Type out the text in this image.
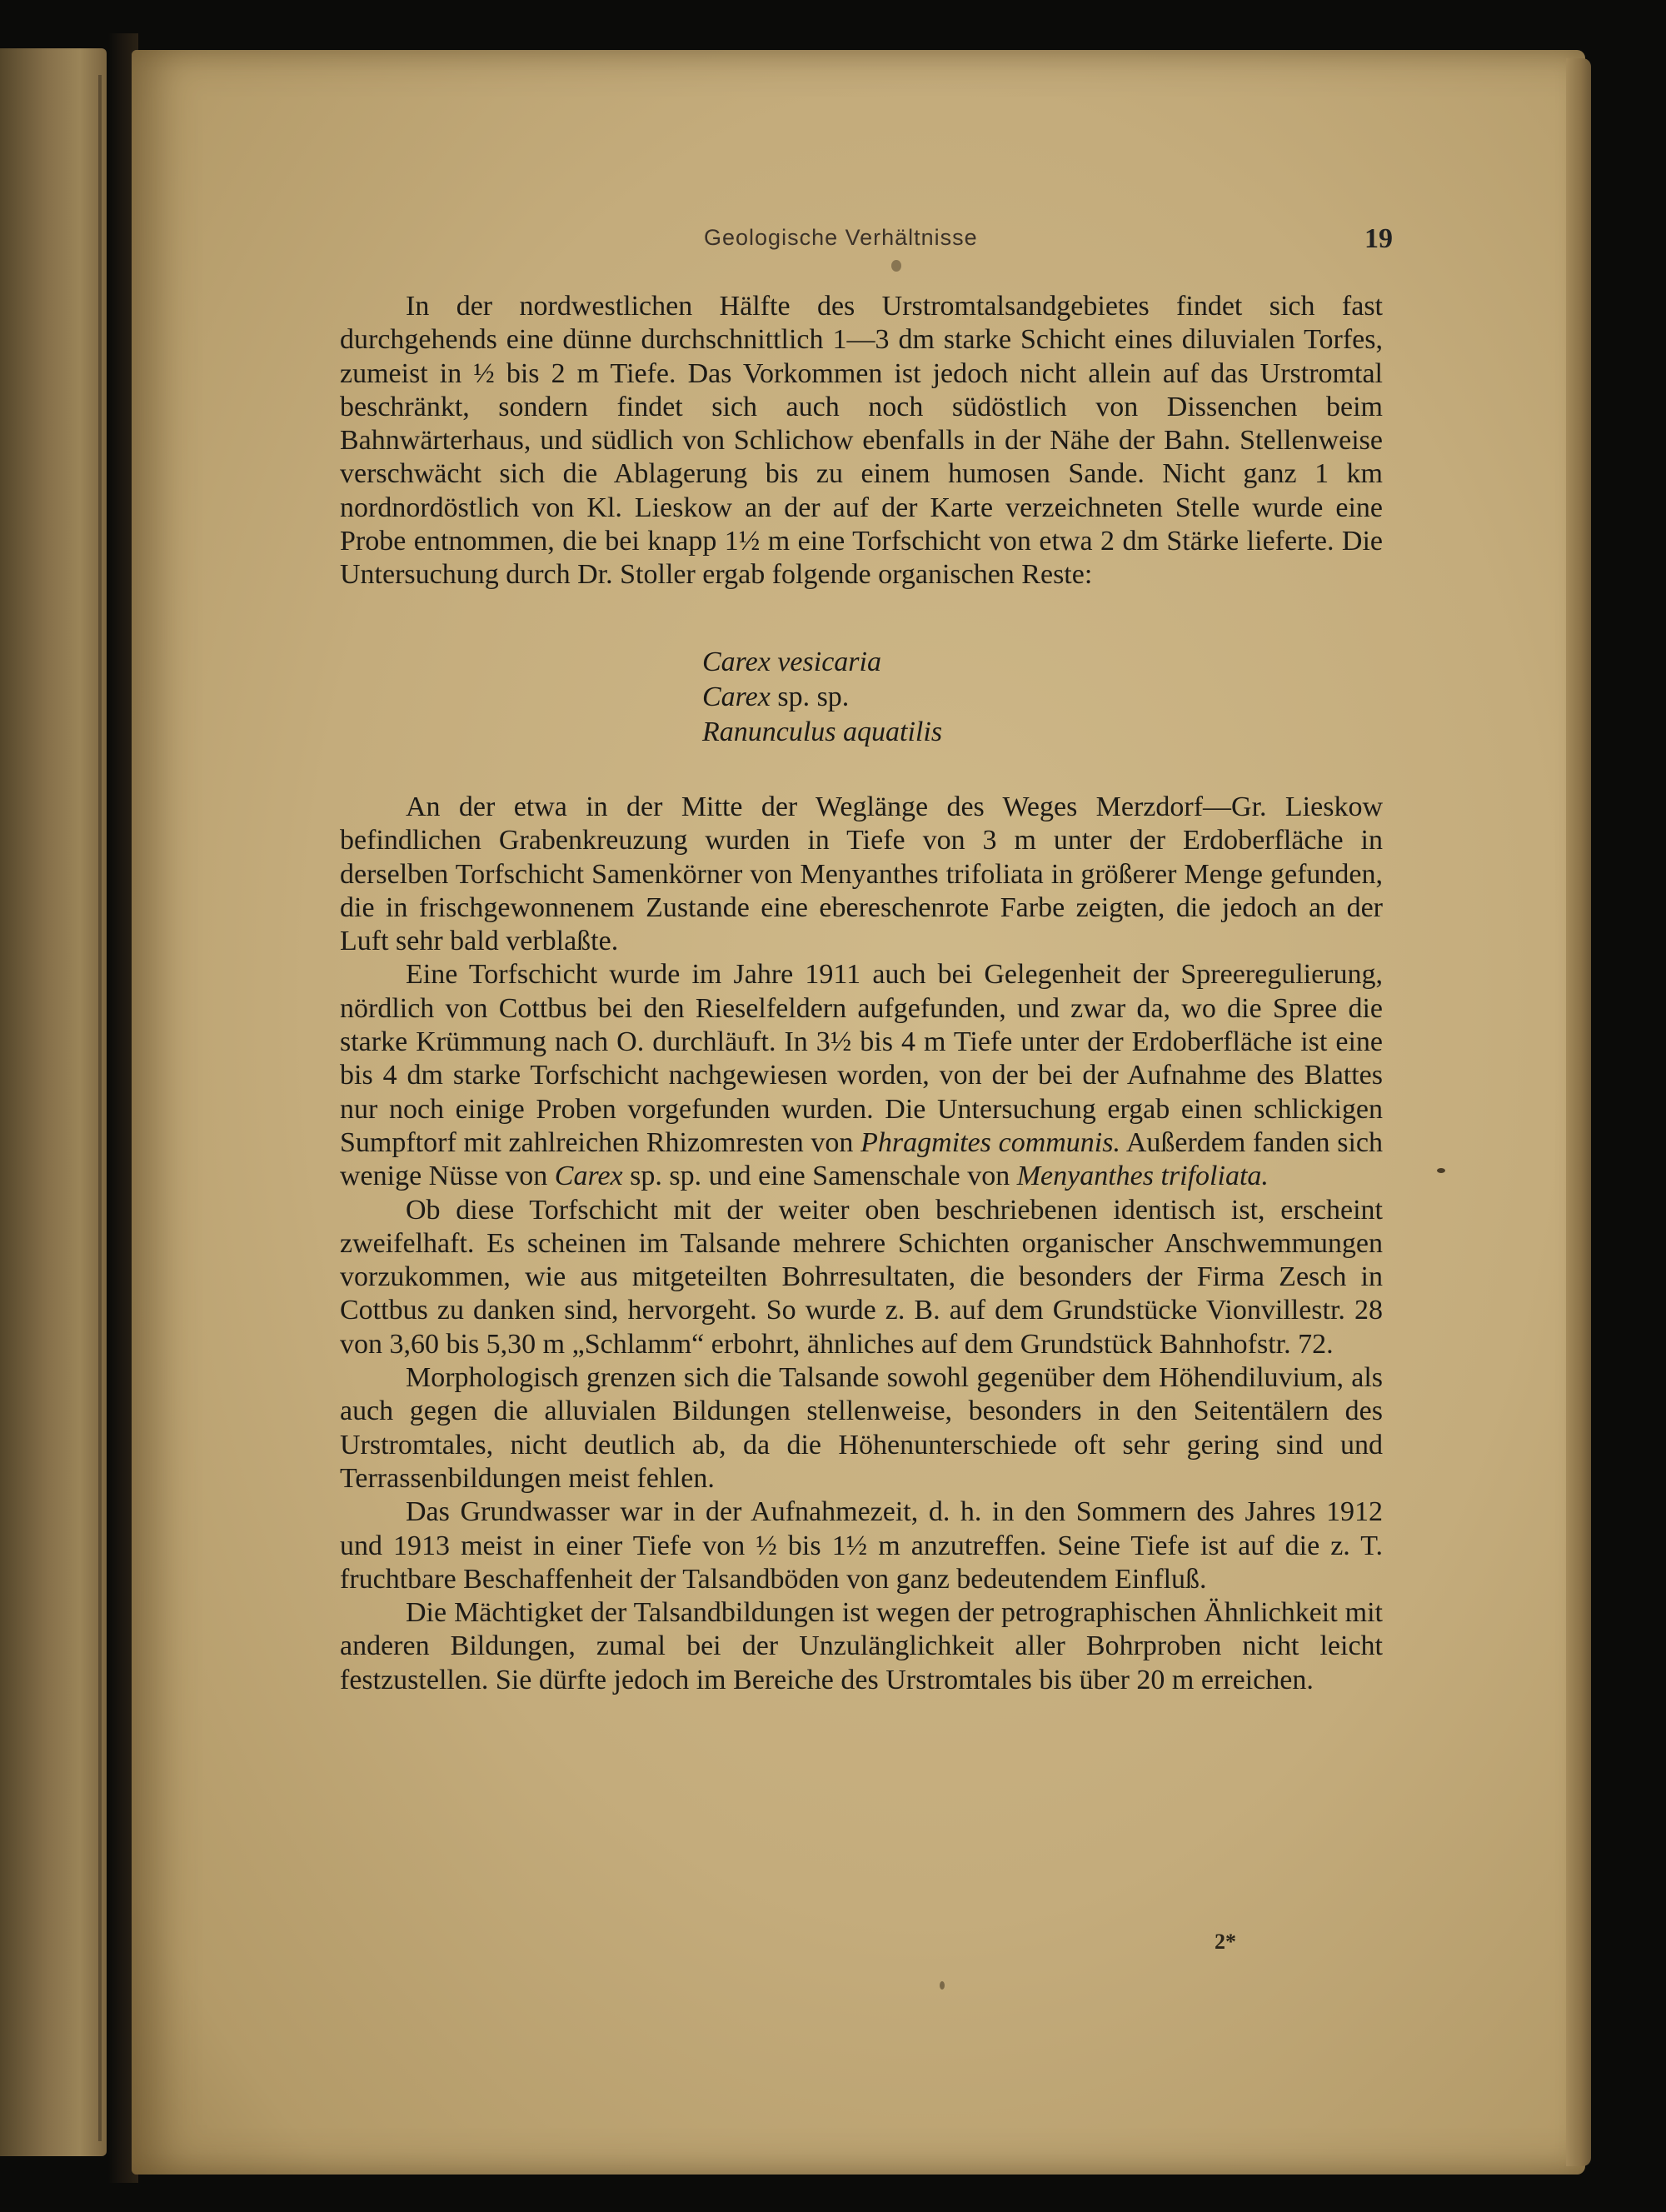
Geologische Verhältnisse	19

In der nordwestlichen Hälfte des Urstromtalsandgebietes findet sich fast durchgehends eine dünne durchschnittlich 1—3 dm starke Schicht eines diluvialen Torfes, zumeist in ½ bis 2 m Tiefe. Das Vorkommen ist jedoch nicht allein auf das Urstromtal beschränkt, sondern findet sich auch noch südöstlich von Dissenchen beim Bahnwärterhaus, und südlich von Schlichow ebenfalls in der Nähe der Bahn. Stellenweise verschwächt sich die Ablagerung bis zu einem humosen Sande. Nicht ganz 1 km nordnordöstlich von Kl. Lieskow an der auf der Karte verzeichneten Stelle wurde eine Probe entnommen, die bei knapp 1½ m eine Torfschicht von etwa 2 dm Stärke lieferte. Die Untersuchung durch Dr. Stoller ergab folgende organischen Reste:

Carex vesicaria
Carex sp. sp.
Ranunculus aquatilis

An der etwa in der Mitte der Weglänge des Weges Merzdorf—Gr. Lieskow befindlichen Grabenkreuzung wurden in Tiefe von 3 m unter der Erdoberfläche in derselben Torfschicht Samenkörner von Menyanthes trifoliata in größerer Menge gefunden, die in frischgewonnenem Zustande eine ebereschenrote Farbe zeigten, die jedoch an der Luft sehr bald verblaßte.

Eine Torfschicht wurde im Jahre 1911 auch bei Gelegenheit der Spreeregulierung, nördlich von Cottbus bei den Rieselfeldern aufgefunden, und zwar da, wo die Spree die starke Krümmung nach O. durchläuft. In 3½ bis 4 m Tiefe unter der Erdoberfläche ist eine bis 4 dm starke Torfschicht nachgewiesen worden, von der bei der Aufnahme des Blattes nur noch einige Proben vorgefunden wurden. Die Untersuchung ergab einen schlickigen Sumpftorf mit zahlreichen Rhizomresten von Phragmites communis. Außerdem fanden sich wenige Nüsse von Carex sp. sp. und eine Samenschale von Menyanthes trifoliata.

Ob diese Torfschicht mit der weiter oben beschriebenen identisch ist, erscheint zweifelhaft. Es scheinen im Talsande mehrere Schichten organischer Anschwemmungen vorzukommen, wie aus mitgeteilten Bohrresultaten, die besonders der Firma Zesch in Cottbus zu danken sind, hervorgeht. So wurde z. B. auf dem Grundstücke Vionvillestr. 28 von 3,60 bis 5,30 m „Schlamm“ erbohrt, ähnliches auf dem Grundstück Bahnhofstr. 72.

Morphologisch grenzen sich die Talsande sowohl gegenüber dem Höhendiluvium, als auch gegen die alluvialen Bildungen stellenweise, besonders in den Seitentälern des Urstromtales, nicht deutlich ab, da die Höhenunterschiede oft sehr gering sind und Terrassenbildungen meist fehlen.

Das Grundwasser war in der Aufnahmezeit, d. h. in den Sommern des Jahres 1912 und 1913 meist in einer Tiefe von ½ bis 1½ m anzutreffen. Seine Tiefe ist auf die z. T. fruchtbare Beschaffenheit der Talsandböden von ganz bedeutendem Einfluß.

Die Mächtigket der Talsandbildungen ist wegen der petrographischen Ähnlichkeit mit anderen Bildungen, zumal bei der Unzulänglichkeit aller Bohrproben nicht leicht festzustellen. Sie dürfte jedoch im Bereiche des Urstromtales bis über 20 m erreichen.

2*
